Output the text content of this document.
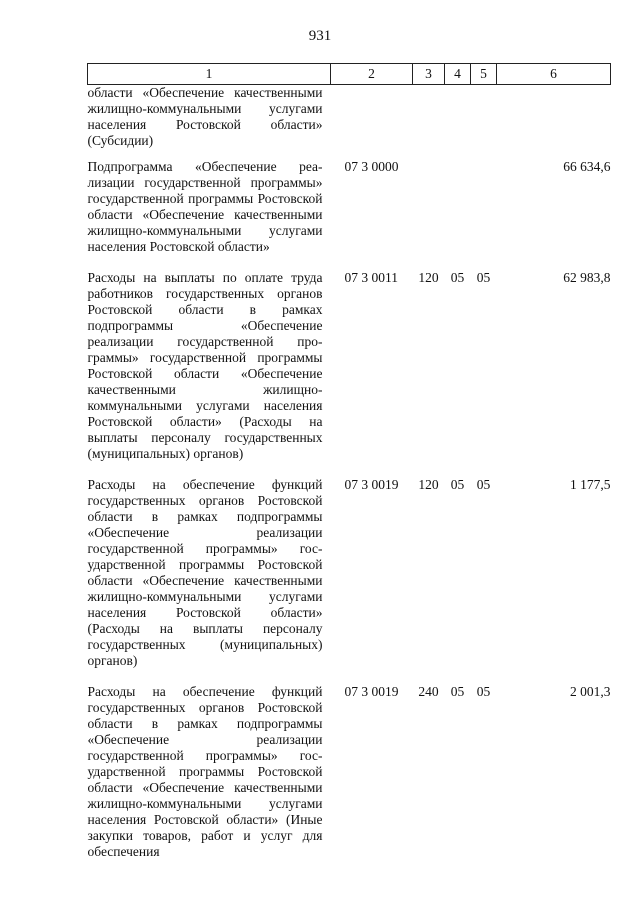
931
1	2	3	4	5	6
области «Обеспечение качественными жилищно-коммунальными услугами населения Ростовской области» (Субсидии)					
Подпрограмма «Обеспечение реализации государственной программы» государственной программы Ростовской области «Обеспечение качественными жилищно-коммунальными услугами населения Ростовской области»	07 3 0000				66 634,6
Расходы на выплаты по оплате труда работников государственных органов Ростовской области в рамках подпрограммы «Обеспечение реализации государственной программы» государственной программы Ростовской области «Обеспечение качественными жилищно-коммунальными услугами населения Ростовской области» (Расходы на выплаты персоналу государственных (муниципальных) органов)	07 3 0011	120	05	05	62 983,8
Расходы на обеспечение функций государственных органов Ростовской области в рамках подпрограммы «Обеспечение реализации государственной программы» государственной программы Ростовской области «Обеспечение качественными жилищно-коммунальными услугами населения Ростовской области» (Расходы на выплаты персоналу государственных (муниципальных) органов)	07 3 0019	120	05	05	1 177,5
Расходы на обеспечение функций государственных органов Ростовской области в рамках подпрограммы «Обеспечение реализации государственной программы» государственной программы Ростовской области «Обеспечение качественными жилищно-коммунальными услугами населения Ростовской области» (Иные закупки товаров, работ и услуг для обеспечения	07 3 0019	240	05	05	2 001,3
